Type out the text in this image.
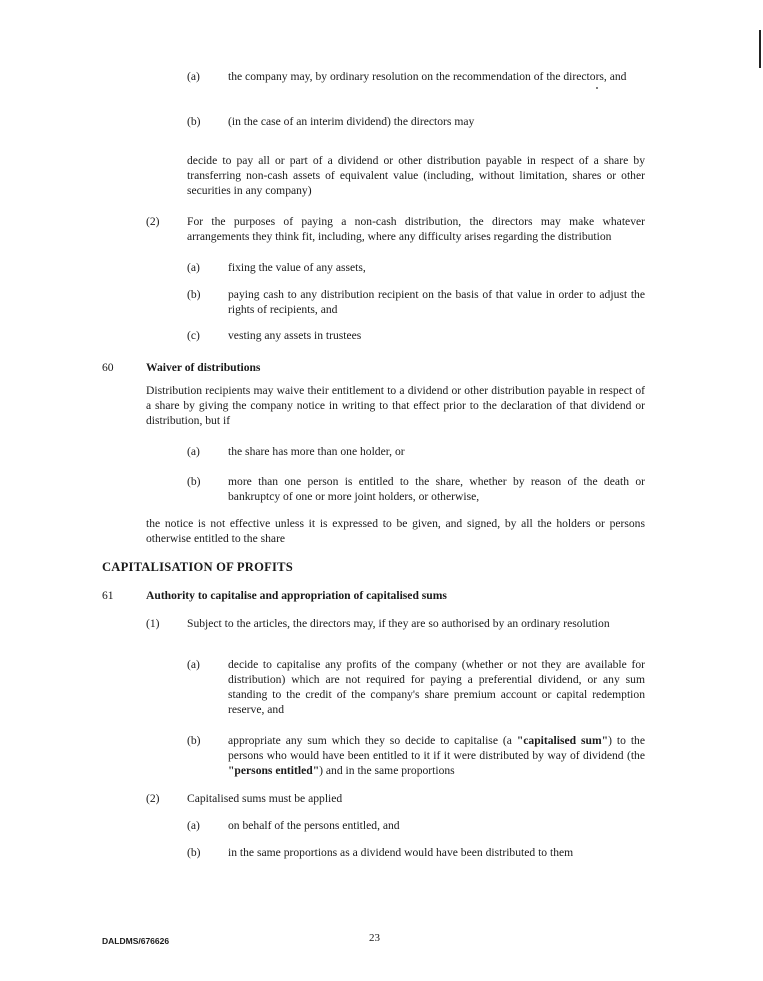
(a) the company may, by ordinary resolution on the recommendation of the directors, and
(b) (in the case of an interim dividend) the directors may
decide to pay all or part of a dividend or other distribution payable in respect of a share by transferring non-cash assets of equivalent value (including, without limitation, shares or other securities in any company)
(2) For the purposes of paying a non-cash distribution, the directors may make whatever arrangements they think fit, including, where any difficulty arises regarding the distribution
(a) fixing the value of any assets,
(b) paying cash to any distribution recipient on the basis of that value in order to adjust the rights of recipients, and
(c) vesting any assets in trustees
60	Waiver of distributions
Distribution recipients may waive their entitlement to a dividend or other distribution payable in respect of a share by giving the company notice in writing to that effect prior to the declaration of that dividend or distribution, but if
(a) the share has more than one holder, or
(b) more than one person is entitled to the share, whether by reason of the death or bankruptcy of one or more joint holders, or otherwise,
the notice is not effective unless it is expressed to be given, and signed, by all the holders or persons otherwise entitled to the share
CAPITALISATION OF PROFITS
61	Authority to capitalise and appropriation of capitalised sums
(1) Subject to the articles, the directors may, if they are so authorised by an ordinary resolution
(a) decide to capitalise any profits of the company (whether or not they are available for distribution) which are not required for paying a preferential dividend, or any sum standing to the credit of the company's share premium account or capital redemption reserve, and
(b) appropriate any sum which they so decide to capitalise (a "capitalised sum") to the persons who would have been entitled to it if it were distributed by way of dividend (the "persons entitled") and in the same proportions
(2) Capitalised sums must be applied
(a) on behalf of the persons entitled, and
(b) in the same proportions as a dividend would have been distributed to them
DALDMS/676626	23
